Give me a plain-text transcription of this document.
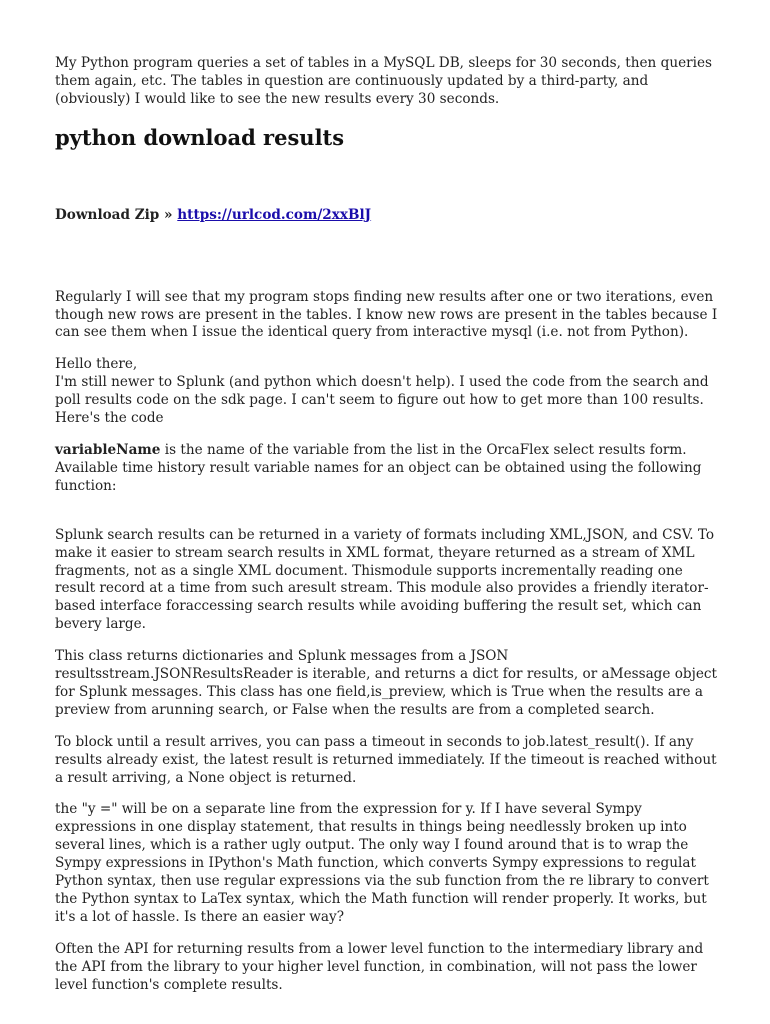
My Python program queries a set of tables in a MySQL DB, sleeps for 30 seconds, then queries them again, etc. The tables in question are continuously updated by a third-party, and (obviously) I would like to see the new results every 30 seconds.

python download results

Download Zip » https://urlcod.com/2xxBlJ

Regularly I will see that my program stops finding new results after one or two iterations, even though new rows are present in the tables. I know new rows are present in the tables because I can see them when I issue the identical query from interactive mysql (i.e. not from Python).

Hello there,
I'm still newer to Splunk (and python which doesn't help). I used the code from the search and poll results code on the sdk page. I can't seem to figure out how to get more than 100 results. Here's the code

variableName is the name of the variable from the list in the OrcaFlex select results form. Available time history result variable names for an object can be obtained using the following function:

Splunk search results can be returned in a variety of formats including XML,JSON, and CSV. To make it easier to stream search results in XML format, theyare returned as a stream of XML fragments, not as a single XML document. Thismodule supports incrementally reading one result record at a time from such aresult stream. This module also provides a friendly iterator-based interface foraccessing search results while avoiding buffering the result set, which can bevery large.

This class returns dictionaries and Splunk messages from a JSON resultsstream.JSONResultsReader is iterable, and returns a dict for results, or aMessage object for Splunk messages. This class has one field,is_preview, which is True when the results are a preview from arunning search, or False when the results are from a completed search.

To block until a result arrives, you can pass a timeout in seconds to job.latest_result(). If any results already exist, the latest result is returned immediately. If the timeout is reached without a result arriving, a None object is returned.

the "y =" will be on a separate line from the expression for y. If I have several Sympy expressions in one display statement, that results in things being needlessly broken up into several lines, which is a rather ugly output. The only way I found around that is to wrap the Sympy expressions in IPython's Math function, which converts Sympy expressions to regulat Python syntax, then use regular expressions via the sub function from the re library to convert the Python syntax to LaTex syntax, which the Math function will render properly. It works, but it's a lot of hassle. Is there an easier way?

Often the API for returning results from a lower level function to the intermediary library and the API from the library to your higher level function, in combination, will not pass the lower level function's complete results.
